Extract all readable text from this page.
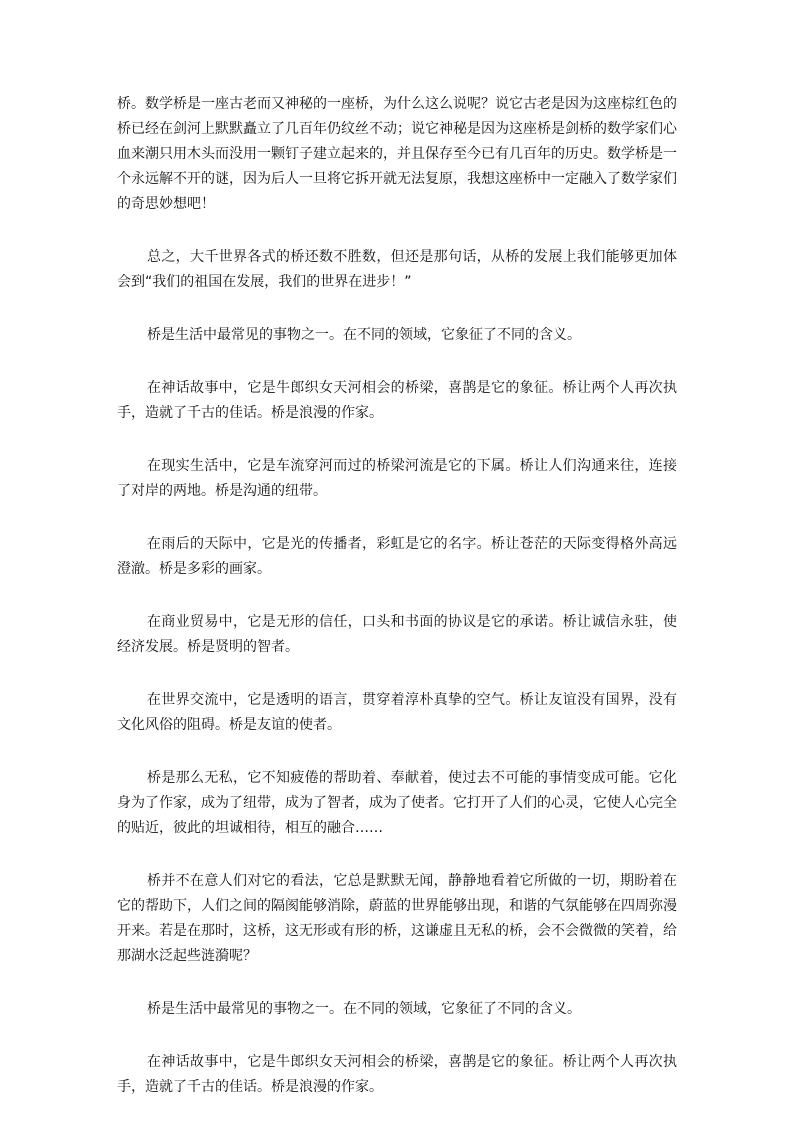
桥。数学桥是一座古老而又神秘的一座桥，为什么这么说呢？说它古老是因为这座棕红色的桥已经在剑河上默默矗立了几百年仍纹丝不动；说它神秘是因为这座桥是剑桥的数学家们心血来潮只用木头而没用一颗钉子建立起来的，并且保存至今已有几百年的历史。数学桥是一个永远解不开的谜，因为后人一旦将它拆开就无法复原，我想这座桥中一定融入了数学家们的奇思妙想吧！

总之，大千世界各式的桥还数不胜数，但还是那句话，从桥的发展上我们能够更加体会到“我们的祖国在发展，我们的世界在进步！”

桥是生活中最常见的事物之一。在不同的领域，它象征了不同的含义。

在神话故事中，它是牛郎织女天河相会的桥梁，喜鹊是它的象征。桥让两个人再次执手，造就了千古的佳话。桥是浪漫的作家。

在现实生活中，它是车流穿河而过的桥梁河流是它的下属。桥让人们沟通来往，连接了对岸的两地。桥是沟通的纽带。

在雨后的天际中，它是光的传播者，彩虹是它的名字。桥让苍茫的天际变得格外高远澄澈。桥是多彩的画家。

在商业贸易中，它是无形的信任，口头和书面的协议是它的承诺。桥让诚信永驻，使经济发展。桥是贤明的智者。

在世界交流中，它是透明的语言，贯穿着淳朴真挚的空气。桥让友谊没有国界，没有文化风俗的阻碍。桥是友谊的使者。

桥是那么无私，它不知疲倦的帮助着、奉献着，使过去不可能的事情变成可能。它化身为了作家，成为了纽带，成为了智者，成为了使者。它打开了人们的心灵，它使人心完全的贴近，彼此的坦诚相待，相互的融合……

桥并不在意人们对它的看法，它总是默默无闻，静静地看着它所做的一切，期盼着在它的帮助下，人们之间的隔阂能够消除，蔚蓝的世界能够出现，和谐的气氛能够在四周弥漫开来。若是在那时，这桥，这无形或有形的桥，这谦虚且无私的桥，会不会微微的笑着，给那湖水泛起些涟漪呢？

桥是生活中最常见的事物之一。在不同的领域，它象征了不同的含义。

在神话故事中，它是牛郎织女天河相会的桥梁，喜鹊是它的象征。桥让两个人再次执手，造就了千古的佳话。桥是浪漫的作家。
